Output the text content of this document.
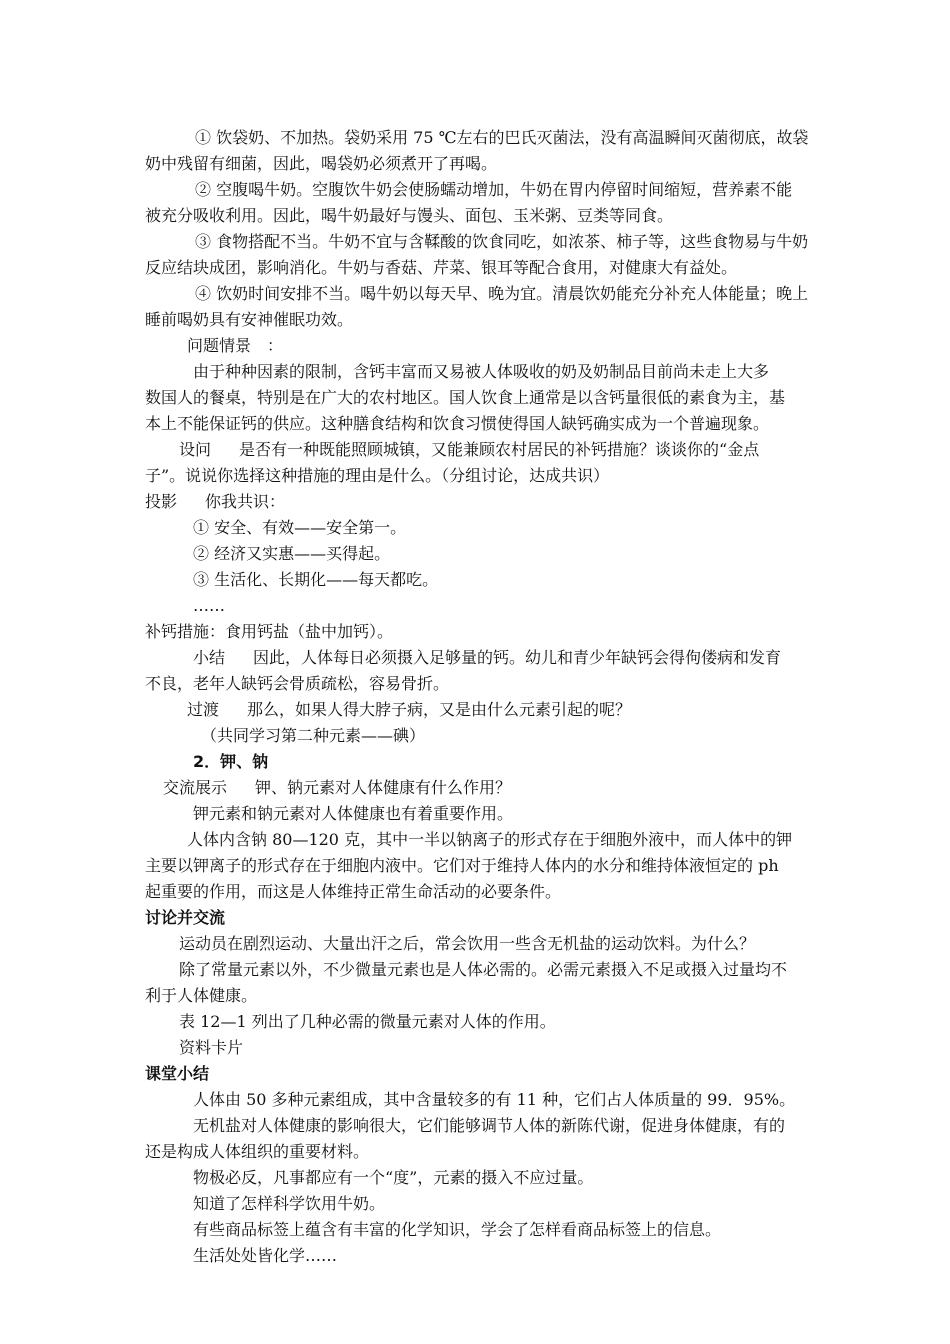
① 饮袋奶、不加热。袋奶采用 75 ℃左右的巴氏灭菌法，没有高温瞬间灭菌彻底，故袋
奶中残留有细菌，因此，喝袋奶必须煮开了再喝。
② 空腹喝牛奶。空腹饮牛奶会使肠蠕动增加，牛奶在胃内停留时间缩短，营养素不能
被充分吸收利用。因此，喝牛奶最好与馒头、面包、玉米粥、豆类等同食。
③ 食物搭配不当。牛奶不宜与含鞣酸的饮食同吃，如浓茶、柿子等，这些食物易与牛奶
反应结块成团，影响消化。牛奶与香菇、芹菜、银耳等配合食用，对健康大有益处。
④ 饮奶时间安排不当。喝牛奶以每天早、晚为宜。清晨饮奶能充分补充人体能量；晚上
睡前喝奶具有安神催眠功效。
问题情景　：
由于种种因素的限制，含钙丰富而又易被人体吸收的奶及奶制品目前尚未走上大多
数国人的餐桌，特别是在广大的农村地区。国人饮食上通常是以含钙量很低的素食为主，基
本上不能保证钙的供应。这种膳食结构和饮食习惯使得国人缺钙确实成为一个普遍现象。
设问 是否有一种既能照顾城镇，又能兼顾农村居民的补钙措施？谈谈你的“金点
子”。说说你选择这种措施的理由是什么。（分组讨论，达成共识）
投影 你我共识：
① 安全、有效——安全第一。
② 经济又实惠——买得起。
③ 生活化、长期化——每天都吃。
……
补钙措施：食用钙盐（盐中加钙）。
小结 因此，人体每日必须摄入足够量的钙。幼儿和青少年缺钙会得佝偻病和发育
不良，老年人缺钙会骨质疏松，容易骨折。
过渡 那么，如果人得大脖子病，又是由什么元素引起的呢？
（共同学习第二种元素——碘）
2．钾、钠
交流展示 钾、钠元素对人体健康有什么作用？
钾元素和钠元素对人体健康也有着重要作用。
人体内含钠 80—120 克，其中一半以钠离子的形式存在于细胞外液中，而人体中的钾
主要以钾离子的形式存在于细胞内液中。它们对于维持人体内的水分和维持体液恒定的 ph
起重要的作用，而这是人体维持正常生命活动的必要条件。
讨论并交流
运动员在剧烈运动、大量出汗之后，常会饮用一些含无机盐的运动饮料。为什么？
除了常量元素以外，不少微量元素也是人体必需的。必需元素摄入不足或摄入过量均不
利于人体健康。
表 12—1 列出了几种必需的微量元素对人体的作用。
资料卡片
课堂小结
人体由 50 多种元素组成，其中含量较多的有 11 种，它们占人体质量的 99．95%。
无机盐对人体健康的影响很大，它们能够调节人体的新陈代谢，促进身体健康，有的
还是构成人体组织的重要材料。
物极必反，凡事都应有一个“度”，元素的摄入不应过量。
知道了怎样科学饮用牛奶。
有些商品标签上蕴含有丰富的化学知识，学会了怎样看商品标签上的信息。
生活处处皆化学……
